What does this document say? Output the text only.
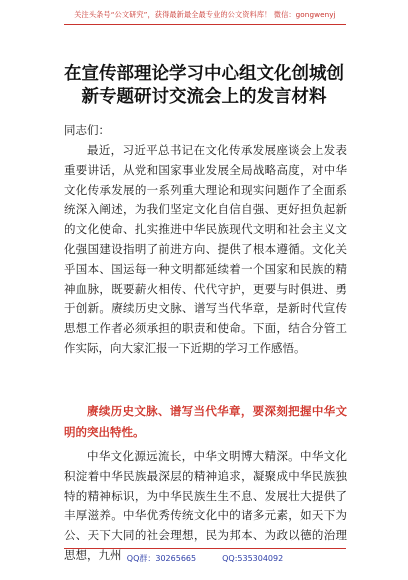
关注头条号“公文研究”，获得最新最全最专业的公文资料库！ 微信：gongwenyj
在宣传部理论学习中心组文化创城创新专题研讨交流会上的发言材料
同志们：
最近，习近平总书记在文化传承发展座谈会上发表重要讲话，从党和国家事业发展全局战略高度，对中华文化传承发展的一系列重大理论和现实问题作了全面系统深入阐述，为我们坚定文化自信自强、更好担负起新的文化使命、扎实推进中华民族现代文明和社会主义文化强国建设指明了前进方向、提供了根本遵循。文化关乎国本、国运每一种文明都延续着一个国家和民族的精神血脉，既要薪火相传、代代守护，更要与时俱进、勇于创新。赓续历史文脉、谱写当代华章，是新时代宣传思想工作者必须承担的职责和使命。下面，结合分管工作实际，向大家汇报一下近期的学习工作感悟。
赓续历史文脉、谱写当代华章，要深刻把握中华文明的突出特性。
中华文化源远流长，中华文明博大精深。中华文化积淀着中华民族最深层的精神追求，凝聚成中华民族独特的精神标识，为中华民族生生不息、发展壮大提供了丰厚滋养。中华优秀传统文化中的诸多元素，如天下为公、天下大同的社会理想，民为邦本、为政以德的治理思想，九州 QQ群：30265665	QQ:535304092
